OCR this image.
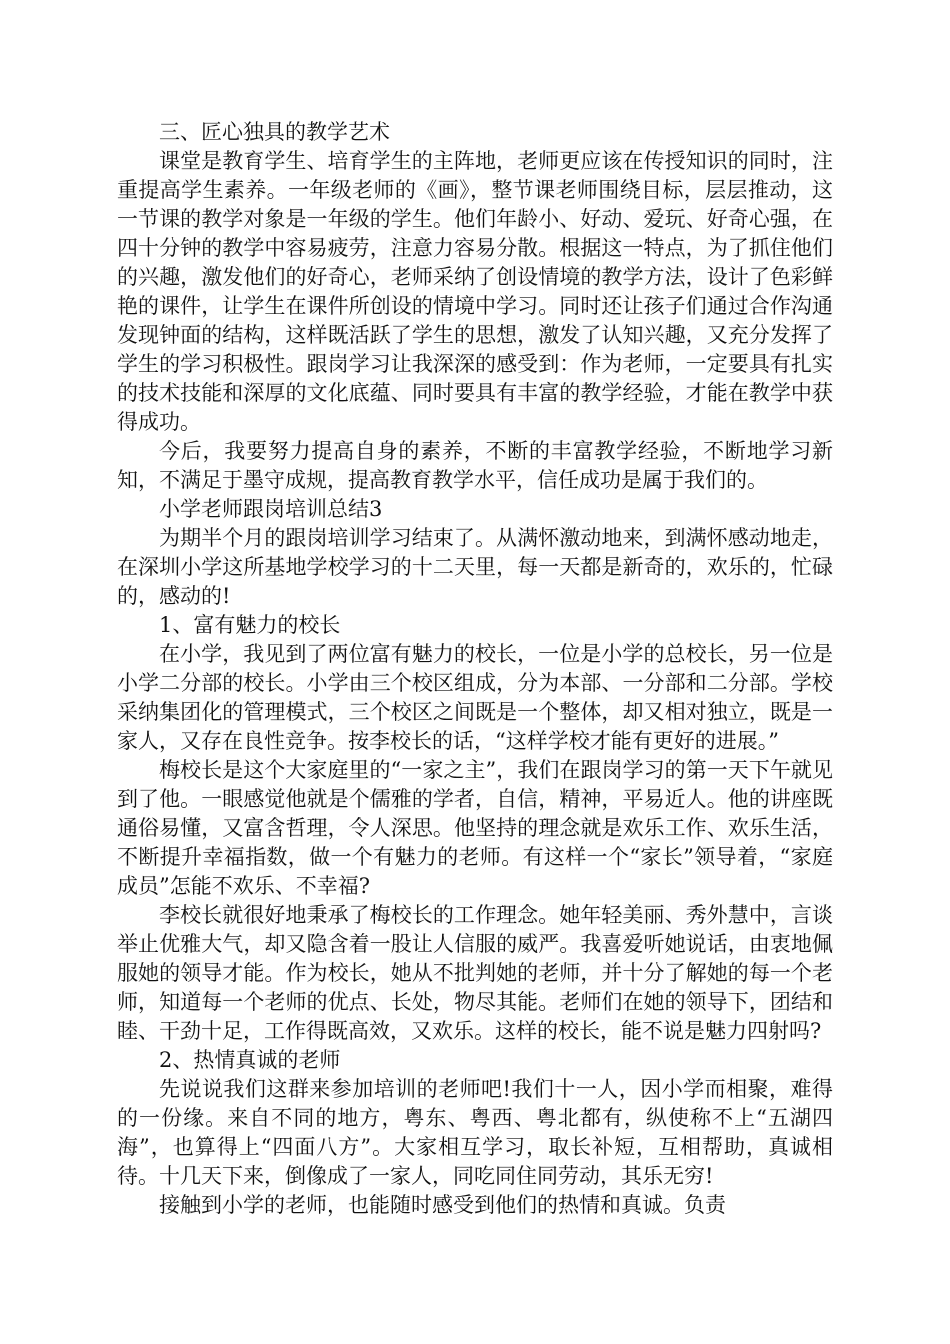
三、匠心独具的教学艺术

课堂是教育学生、培育学生的主阵地，老师更应该在传授知识的同时，注重提高学生素养。一年级老师的《画》，整节课老师围绕目标，层层推动，这一节课的教学对象是一年级的学生。他们年龄小、好动、爱玩、好奇心强，在四十分钟的教学中容易疲劳，注意力容易分散。根据这一特点，为了抓住他们的兴趣，激发他们的好奇心，老师采纳了创设情境的教学方法，设计了色彩鲜艳的课件，让学生在课件所创设的情境中学习。同时还让孩子们通过合作沟通发现钟面的结构，这样既活跃了学生的思想，激发了认知兴趣，又充分发挥了学生的学习积极性。跟岗学习让我深深的感受到：作为老师，一定要具有扎实的技术技能和深厚的文化底蕴、同时要具有丰富的教学经验，才能在教学中获得成功。

今后，我要努力提高自身的素养，不断的丰富教学经验，不断地学习新知，不满足于墨守成规，提高教育教学水平，信任成功是属于我们的。

小学老师跟岗培训总结3

为期半个月的跟岗培训学习结束了。从满怀激动地来，到满怀感动地走，在深圳小学这所基地学校学习的十二天里，每一天都是新奇的，欢乐的，忙碌的，感动的!

1、富有魅力的校长

在小学，我见到了两位富有魅力的校长，一位是小学的总校长，另一位是小学二分部的校长。小学由三个校区组成，分为本部、一分部和二分部。学校采纳集团化的管理模式，三个校区之间既是一个整体，却又相对独立，既是一家人，又存在良性竞争。按李校长的话，“这样学校才能有更好的进展。”

梅校长是这个大家庭里的“一家之主”，我们在跟岗学习的第一天下午就见到了他。一眼感觉他就是个儒雅的学者，自信，精神，平易近人。他的讲座既通俗易懂，又富含哲理，令人深思。他坚持的理念就是欢乐工作、欢乐生活，不断提升幸福指数，做一个有魅力的老师。有这样一个“家长”领导着，“家庭成员”怎能不欢乐、不幸福?

李校长就很好地秉承了梅校长的工作理念。她年轻美丽、秀外慧中，言谈举止优雅大气，却又隐含着一股让人信服的威严。我喜爱听她说话，由衷地佩服她的领导才能。作为校长，她从不批判她的老师，并十分了解她的每一个老师，知道每一个老师的优点、长处，物尽其能。老师们在她的领导下，团结和睦、干劲十足，工作得既高效，又欢乐。这样的校长，能不说是魅力四射吗?

2、热情真诚的老师

先说说我们这群来参加培训的老师吧!我们十一人，因小学而相聚，难得的一份缘。来自不同的地方，粤东、粤西、粤北都有，纵使称不上“五湖四海”，也算得上“四面八方”。大家相互学习，取长补短，互相帮助，真诚相待。十几天下来，倒像成了一家人，同吃同住同劳动，其乐无穷!

接触到小学的老师，也能随时感受到他们的热情和真诚。负责
